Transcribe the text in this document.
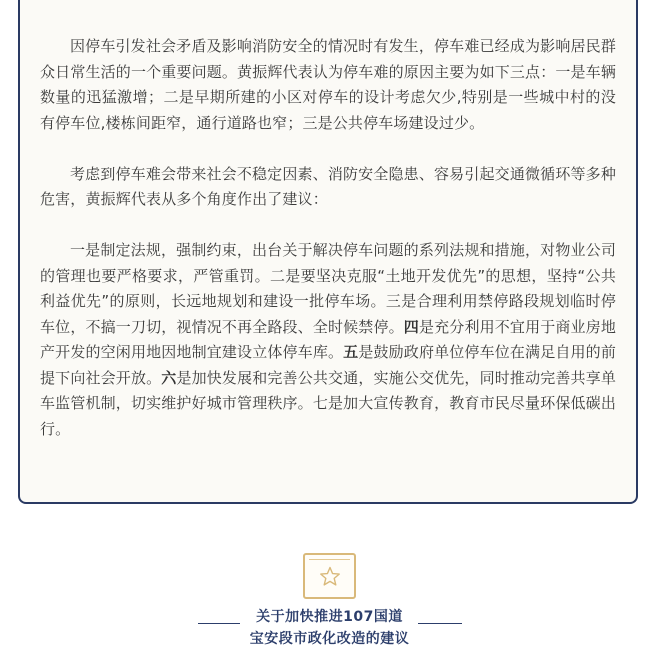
因停车引发社会矛盾及影响消防安全的情况时有发生，停车难已经成为影响居民群众日常生活的一个重要问题。黄振辉代表认为停车难的原因主要为如下三点：一是车辆数量的迅猛激增；二是早期所建的小区对停车的设计考虑欠少,特别是一些城中村的没有停车位,楼栋间距窄，通行道路也窄；三是公共停车场建设过少。

考虑到停车难会带来社会不稳定因素、消防安全隐患、容易引起交通微循环等多种危害，黄振辉代表从多个角度作出了建议：

一是制定法规，强制约束，出台关于解决停车问题的系列法规和措施，对物业公司的管理也要严格要求，严管重罚。二是要坚决克服“土地开发优先”的思想，坚持“公共利益优先”的原则，长远地规划和建设一批停车场。三是合理利用禁停路段规划临时停车位，不搞一刀切，视情况不再全路段、全时候禁停。四是充分利用不宜用于商业房地产开发的空闲用地因地制宜建设立体停车库。五是鼓励政府单位停车位在满足自用的前提下向社会开放。六是加快发展和完善公共交通，实施公交优先，同时推动完善共享单车监管机制，切实维护好城市管理秩序。七是加大宣传教育，教育市民尽量环保低碳出行。

关于加快推进107国道
宝安段市政化改造的建议
